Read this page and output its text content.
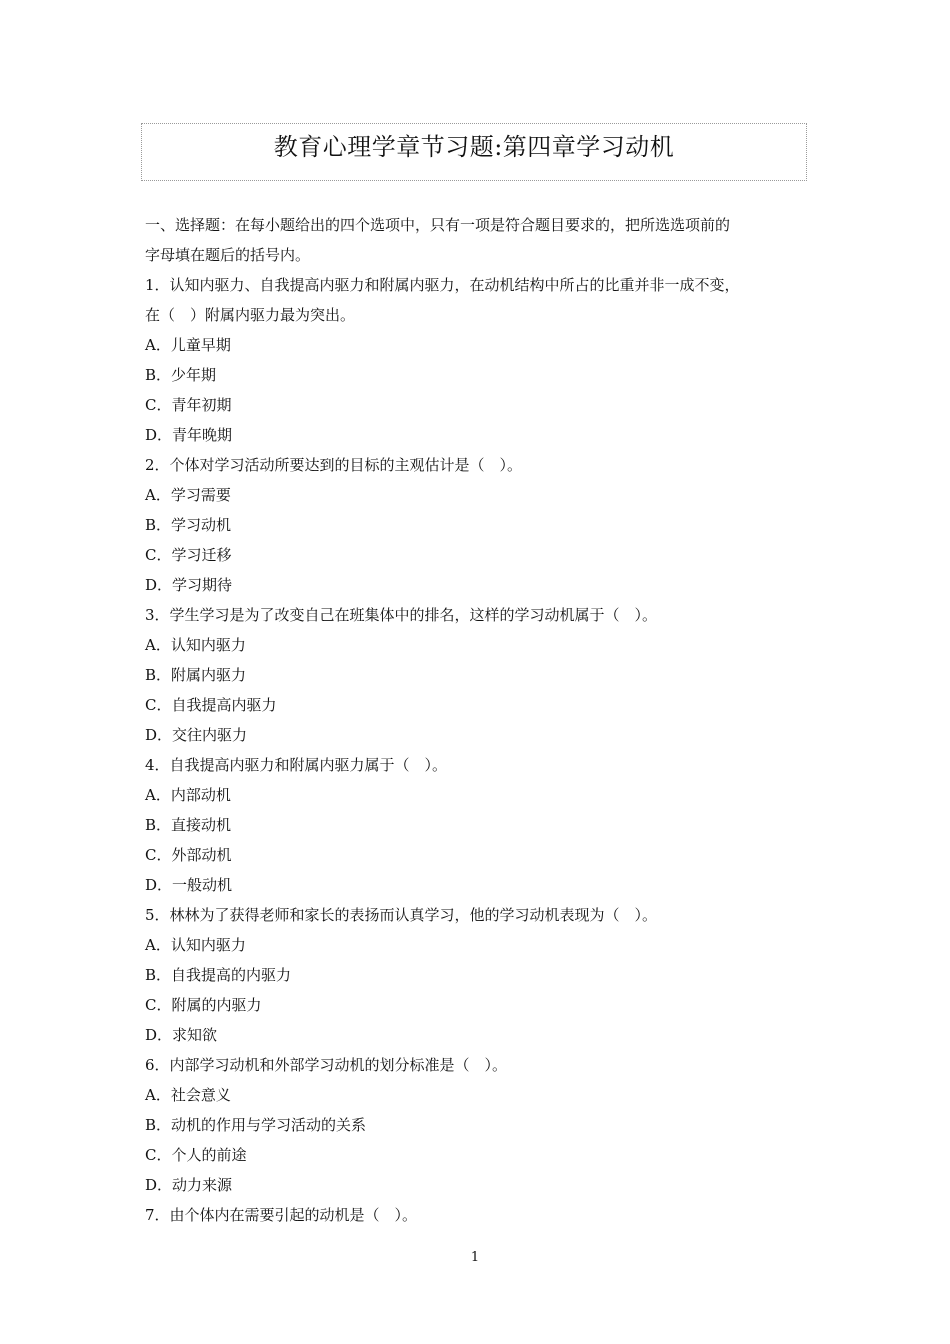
教育心理学章节习题:第四章学习动机
一、选择题：在每小题给出的四个选项中，只有一项是符合题目要求的，把所选选项前的
字母填在题后的括号内。
1．认知内驱力、自我提高内驱力和附属内驱力，在动机结构中所占的比重并非一成不变，
在（　）附属内驱力最为突出。
A．儿童早期
B．少年期
C．青年初期
D．青年晚期
2．个体对学习活动所要达到的目标的主观估计是（　）。
A．学习需要
B．学习动机
C．学习迁移
D．学习期待
3．学生学习是为了改变自己在班集体中的排名，这样的学习动机属于（　）。
A．认知内驱力
B．附属内驱力
C．自我提高内驱力
D．交往内驱力
4．自我提高内驱力和附属内驱力属于（　）。
A．内部动机
B．直接动机
C．外部动机
D．一般动机
5．林林为了获得老师和家长的表扬而认真学习，他的学习动机表现为（　）。
A．认知内驱力
B．自我提高的内驱力
C．附属的内驱力
D．求知欲
6．内部学习动机和外部学习动机的划分标准是（　）。
A．社会意义
B．动机的作用与学习活动的关系
C．个人的前途
D．动力来源
7．由个体内在需要引起的动机是（　）。
1
